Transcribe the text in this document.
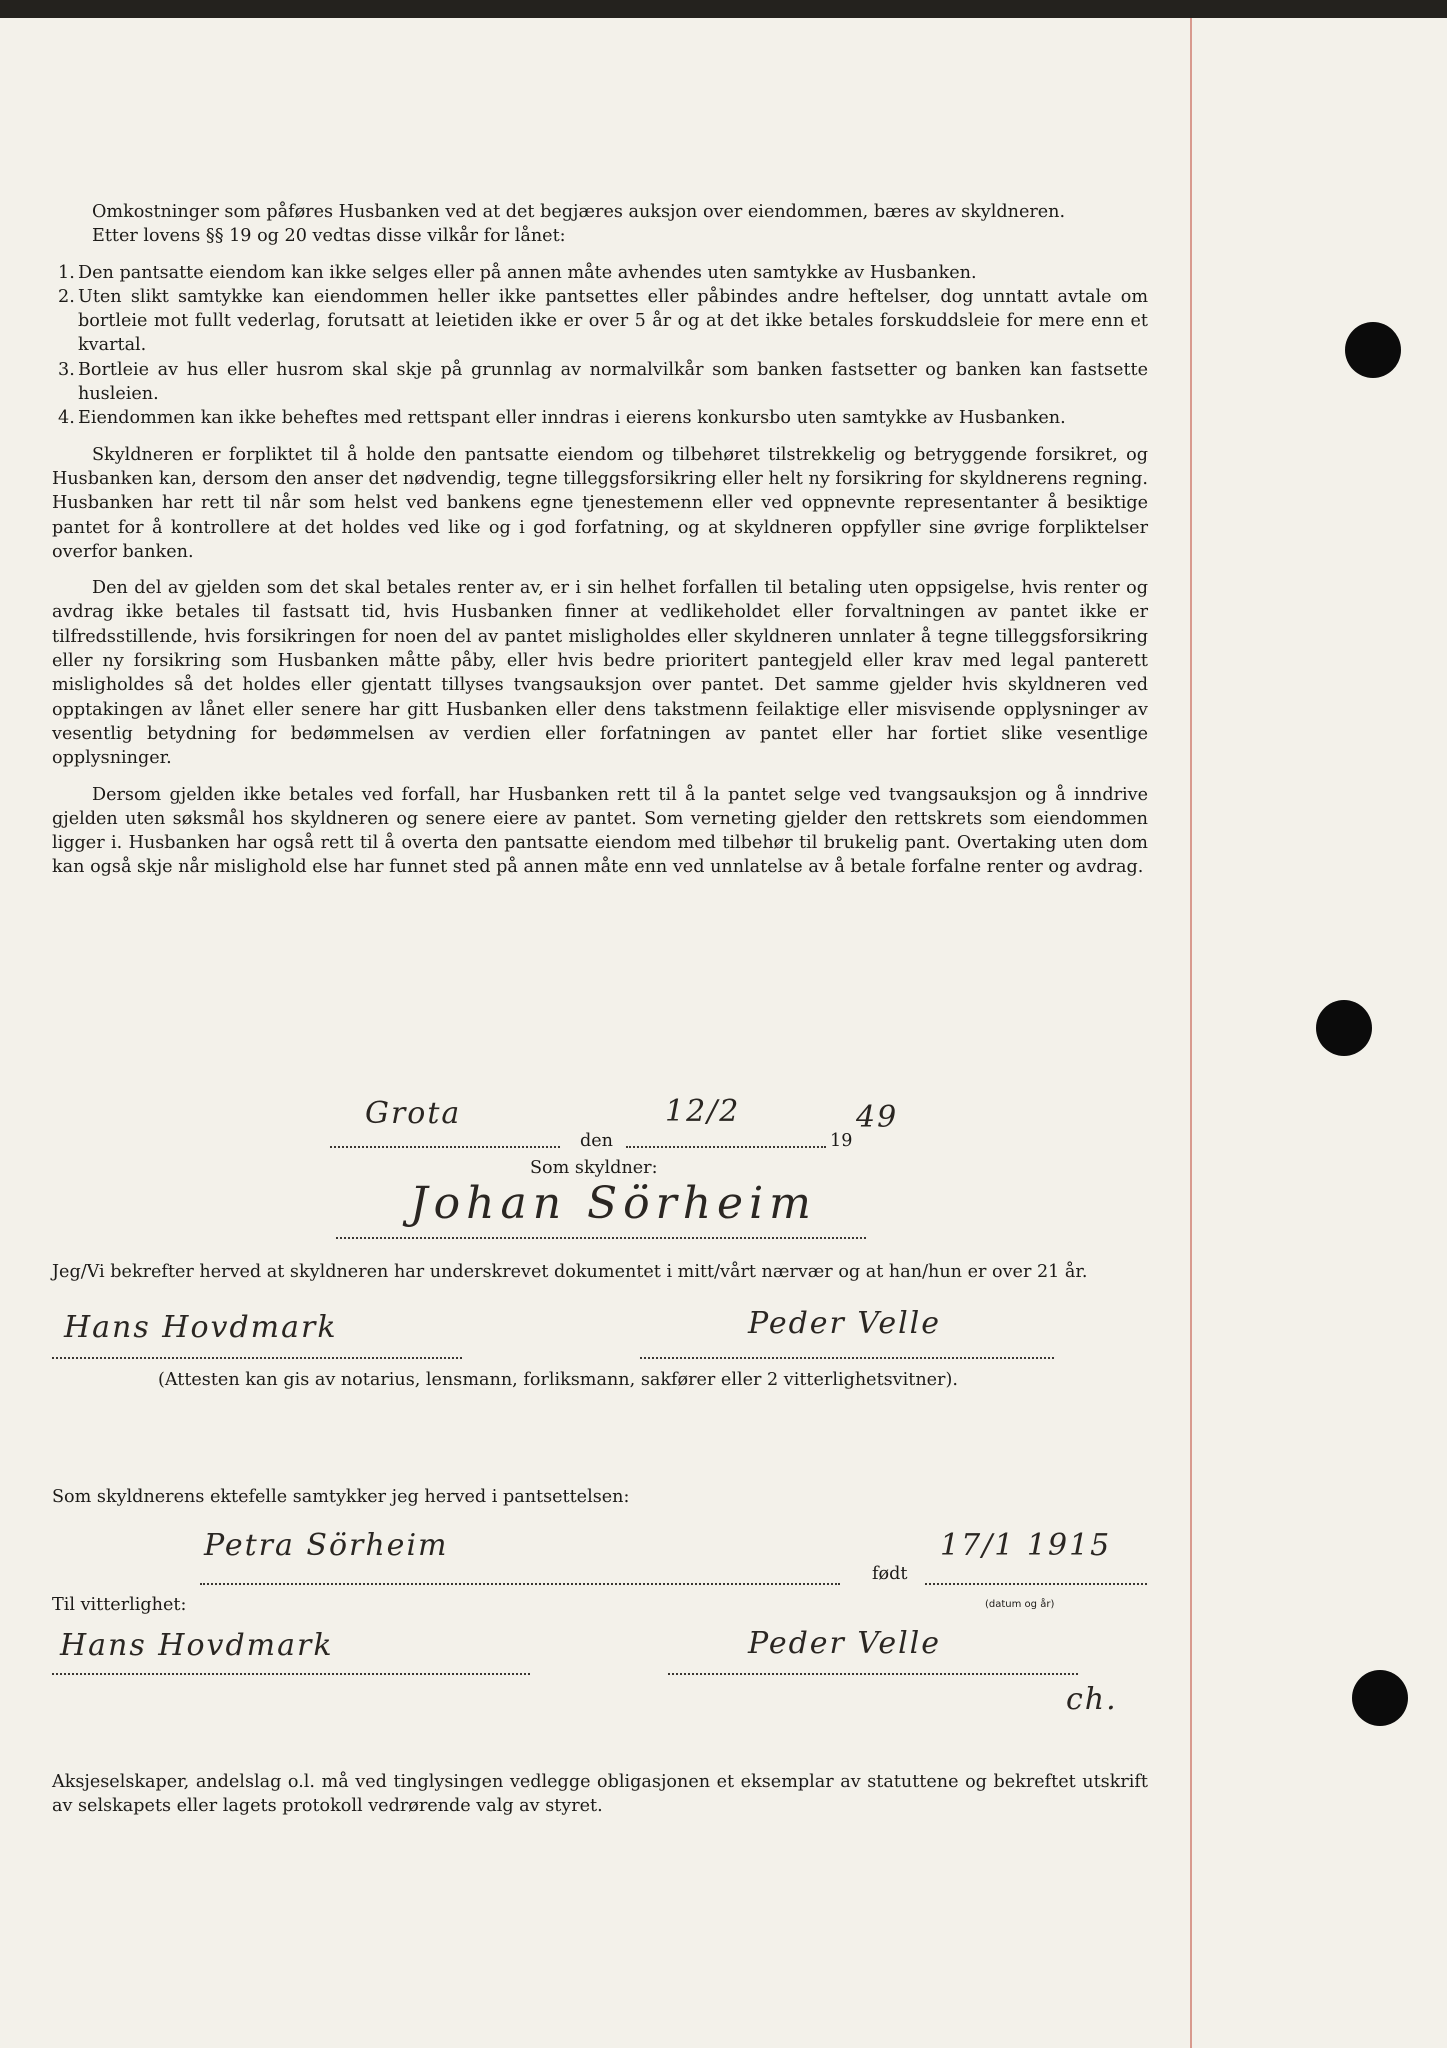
Omkostninger som påføres Husbanken ved at det begjæres auksjon over eiendommen, bæres av skyldneren.

Etter lovens §§ 19 og 20 vedtas disse vilkår for lånet:

1. Den pantsatte eiendom kan ikke selges eller på annen måte avhendes uten samtykke av Husbanken.
2. Uten slikt samtykke kan eiendommen heller ikke pantsettes eller påbindes andre heftelser, dog unntatt avtale om bortleie mot fullt vederlag, forutsatt at leietiden ikke er over 5 år og at det ikke betales forskuddsleie for mere enn et kvartal.
3. Bortleie av hus eller husrom skal skje på grunnlag av normalvilkår som banken fastsetter og banken kan fastsette husleien.
4. Eiendommen kan ikke beheftes med rettspant eller inndras i eierens konkursbo uten samtykke av Husbanken.

Skyldneren er forpliktet til å holde den pantsatte eiendom og tilbehøret tilstrekkelig og betryggende forsikret, og Husbanken kan, dersom den anser det nødvendig, tegne tilleggsforsikring eller helt ny forsikring for skyldnerens regning. Husbanken har rett til når som helst ved bankens egne tjenestemenn eller ved oppnevnte representanter å besiktige pantet for å kontrollere at det holdes ved like og i god forfatning, og at skyldneren oppfyller sine øvrige forpliktelser overfor banken.

Den del av gjelden som det skal betales renter av, er i sin helhet forfallen til betaling uten oppsigelse, hvis renter og avdrag ikke betales til fastsatt tid, hvis Husbanken finner at vedlikeholdet eller forvaltningen av pantet ikke er tilfredsstillende, hvis forsikringen for noen del av pantet misligholdes eller skyldneren unnlater å tegne tilleggsforsikring eller ny forsikring som Husbanken måtte påby, eller hvis bedre prioritert pantegjeld eller krav med legal panterett misligholdes så det holdes eller gjentatt tillyses tvangsauksjon over pantet. Det samme gjelder hvis skyldneren ved opptakingen av lånet eller senere har gitt Husbanken eller dens takstmenn feilaktige eller misvisende opplysninger av vesentlig betydning for bedømmelsen av verdien eller forfatningen av pantet eller har fortiet slike vesentlige opplysninger.

Dersom gjelden ikke betales ved forfall, har Husbanken rett til å la pantet selge ved tvangsauksjon og å inndrive gjelden uten søksmål hos skyldneren og senere eiere av pantet. Som verneting gjelder den rettskrets som eiendommen ligger i. Husbanken har også rett til å overta den pantsatte eiendom med tilbehør til brukelig pant. Overtaking uten dom kan også skje når mislighold else har funnet sted på annen måte enn ved unnlatelse av å betale forfalne renter og avdrag.

Grota
den
12/2
19
49
Som skyldner:
Johan Sörheim
Jeg/Vi bekrefter herved at skyldneren har underskrevet dokumentet i mitt/vårt nærvær og at han/hun er over 21 år.
Hans Hovdmark	Peder Velle
(Attesten kan gis av notarius, lensmann, forliksmann, sakfører eller 2 vitterlighetsvitner).
Som skyldnerens ektefelle samtykker jeg herved i pantsettelsen:
Petra Sörheim
født
17/1 1915
(datum og år)
Til vitterlighet:
Hans Hovdmark	Peder Velle
ch.
Aksjeselskaper, andelslag o.l. må ved tinglysingen vedlegge obligasjonen et eksemplar av statuttene og bekreftet utskrift av selskapets eller lagets protokoll vedrørende valg av styret.
